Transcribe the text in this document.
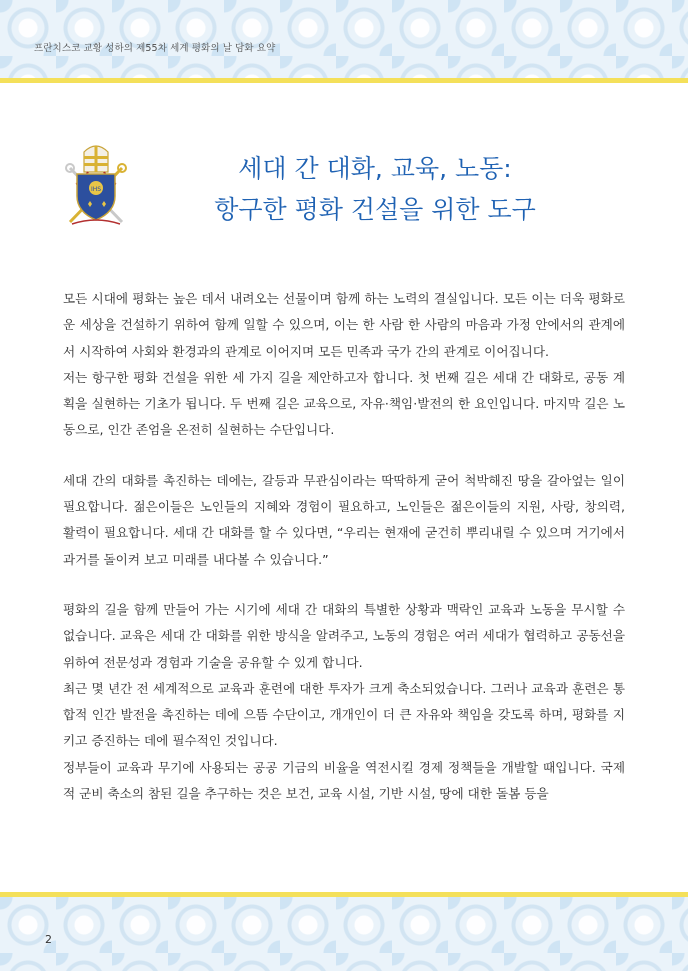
프란치스코 교황 성하의 제55차 세계 평화의 날 담화 요약
IHS
세대 간 대화, 교육, 노동:
항구한 평화 건설을 위한 도구

모든 시대에 평화는 높은 데서 내려오는 선물이며 함께 하는 노력의 결실입니다. 모든 이는 더욱 평화로운 세상을 건설하기 위하여 함께 일할 수 있으며, 이는 한 사람 한 사람의 마음과 가정 안에서의 관계에서 시작하여 사회와 환경과의 관계로 이어지며 모든 민족과 국가 간의 관계로 이어집니다.

저는 항구한 평화 건설을 위한 세 가지 길을 제안하고자 합니다. 첫 번째 길은 세대 간 대화로, 공동 계획을 실현하는 기초가 됩니다. 두 번째 길은 교육으로, 자유·책임·발전의 한 요인입니다. 마지막 길은 노동으로, 인간 존엄을 온전히 실현하는 수단입니다.

세대 간의 대화를 촉진하는 데에는, 갈등과 무관심이라는 딱딱하게 굳어 척박해진 땅을 갈아엎는 일이 필요합니다. 젊은이들은 노인들의 지혜와 경험이 필요하고, 노인들은 젊은이들의 지원, 사랑, 창의력, 활력이 필요합니다. 세대 간 대화를 할 수 있다면, “우리는 현재에 굳건히 뿌리내릴 수 있으며 거기에서 과거를 돌이켜 보고 미래를 내다볼 수 있습니다.”

평화의 길을 함께 만들어 가는 시기에 세대 간 대화의 특별한 상황과 맥락인 교육과 노동을 무시할 수 없습니다. 교육은 세대 간 대화를 위한 방식을 알려주고, 노동의 경험은 여러 세대가 협력하고 공동선을 위하여 전문성과 경험과 기술을 공유할 수 있게 합니다.

최근 몇 년간 전 세계적으로 교육과 훈련에 대한 투자가 크게 축소되었습니다. 그러나 교육과 훈련은 통합적 인간 발전을 촉진하는 데에 으뜸 수단이고, 개개인이 더 큰 자유와 책임을 갖도록 하며, 평화를 지키고 증진하는 데에 필수적인 것입니다.

정부들이 교육과 무기에 사용되는 공공 기금의 비율을 역전시킬 경제 정책들을 개발할 때입니다. 국제적 군비 축소의 참된 길을 추구하는 것은 보건, 교육 시설, 기반 시설, 땅에 대한 돌봄 등을

2
